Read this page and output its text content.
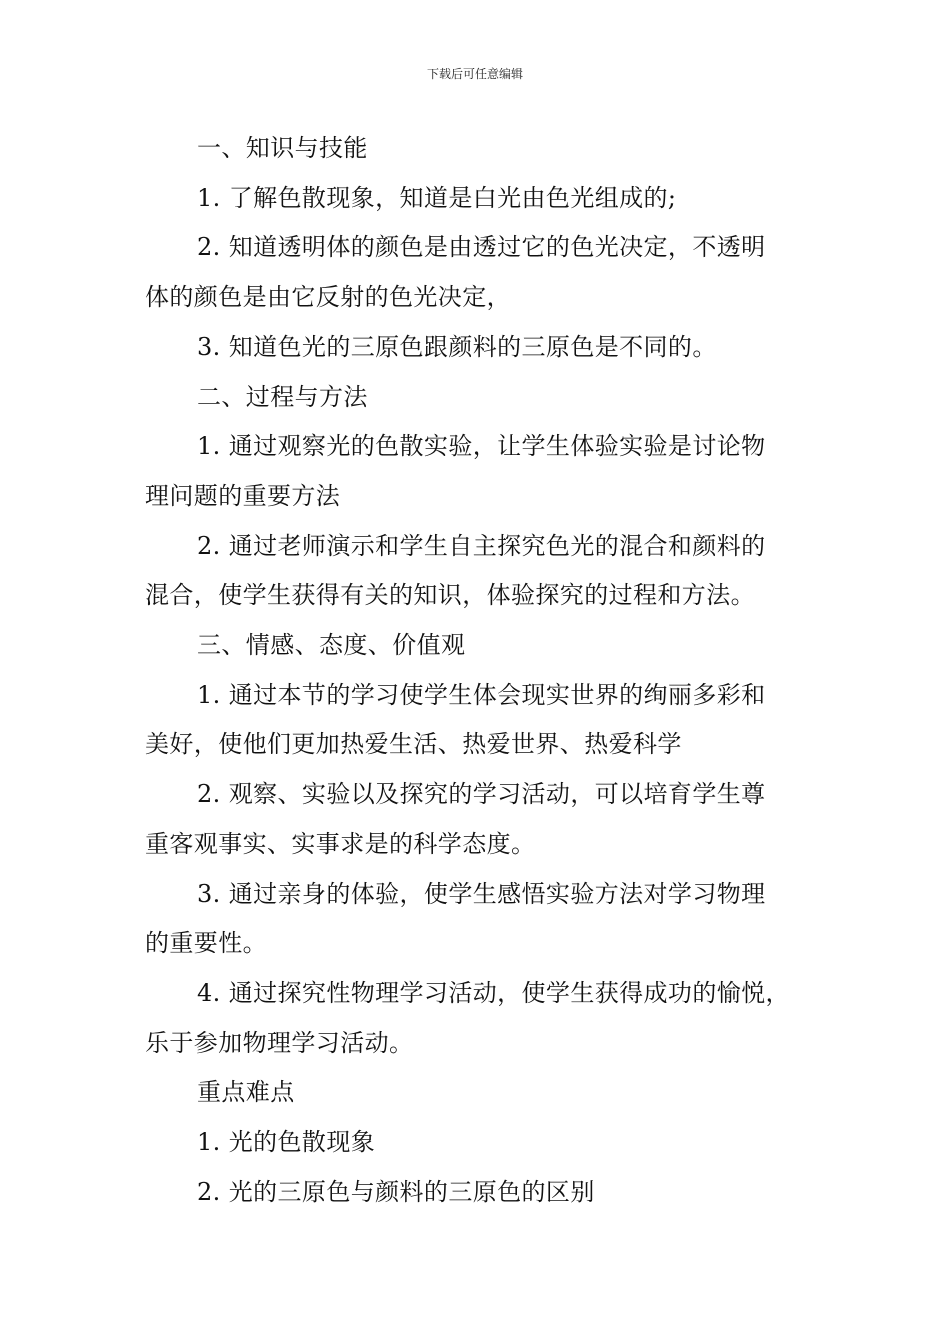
下载后可任意编辑
一、知识与技能
1. 了解色散现象，知道是白光由色光组成的;
2. 知道透明体的颜色是由透过它的色光决定，不透明
体的颜色是由它反射的色光决定，
3. 知道色光的三原色跟颜料的三原色是不同的。
二、过程与方法
1. 通过观察光的色散实验，让学生体验实验是讨论物
理问题的重要方法
2. 通过老师演示和学生自主探究色光的混合和颜料的
混合，使学生获得有关的知识，体验探究的过程和方法。
三、情感、态度、价值观
1. 通过本节的学习使学生体会现实世界的绚丽多彩和
美好，使他们更加热爱生活、热爱世界、热爱科学
2. 观察、实验以及探究的学习活动，可以培育学生尊
重客观事实、实事求是的科学态度。
3. 通过亲身的体验，使学生感悟实验方法对学习物理
的重要性。
4. 通过探究性物理学习活动，使学生获得成功的愉悦，
乐于参加物理学习活动。
重点难点
1. 光的色散现象
2. 光的三原色与颜料的三原色的区别
